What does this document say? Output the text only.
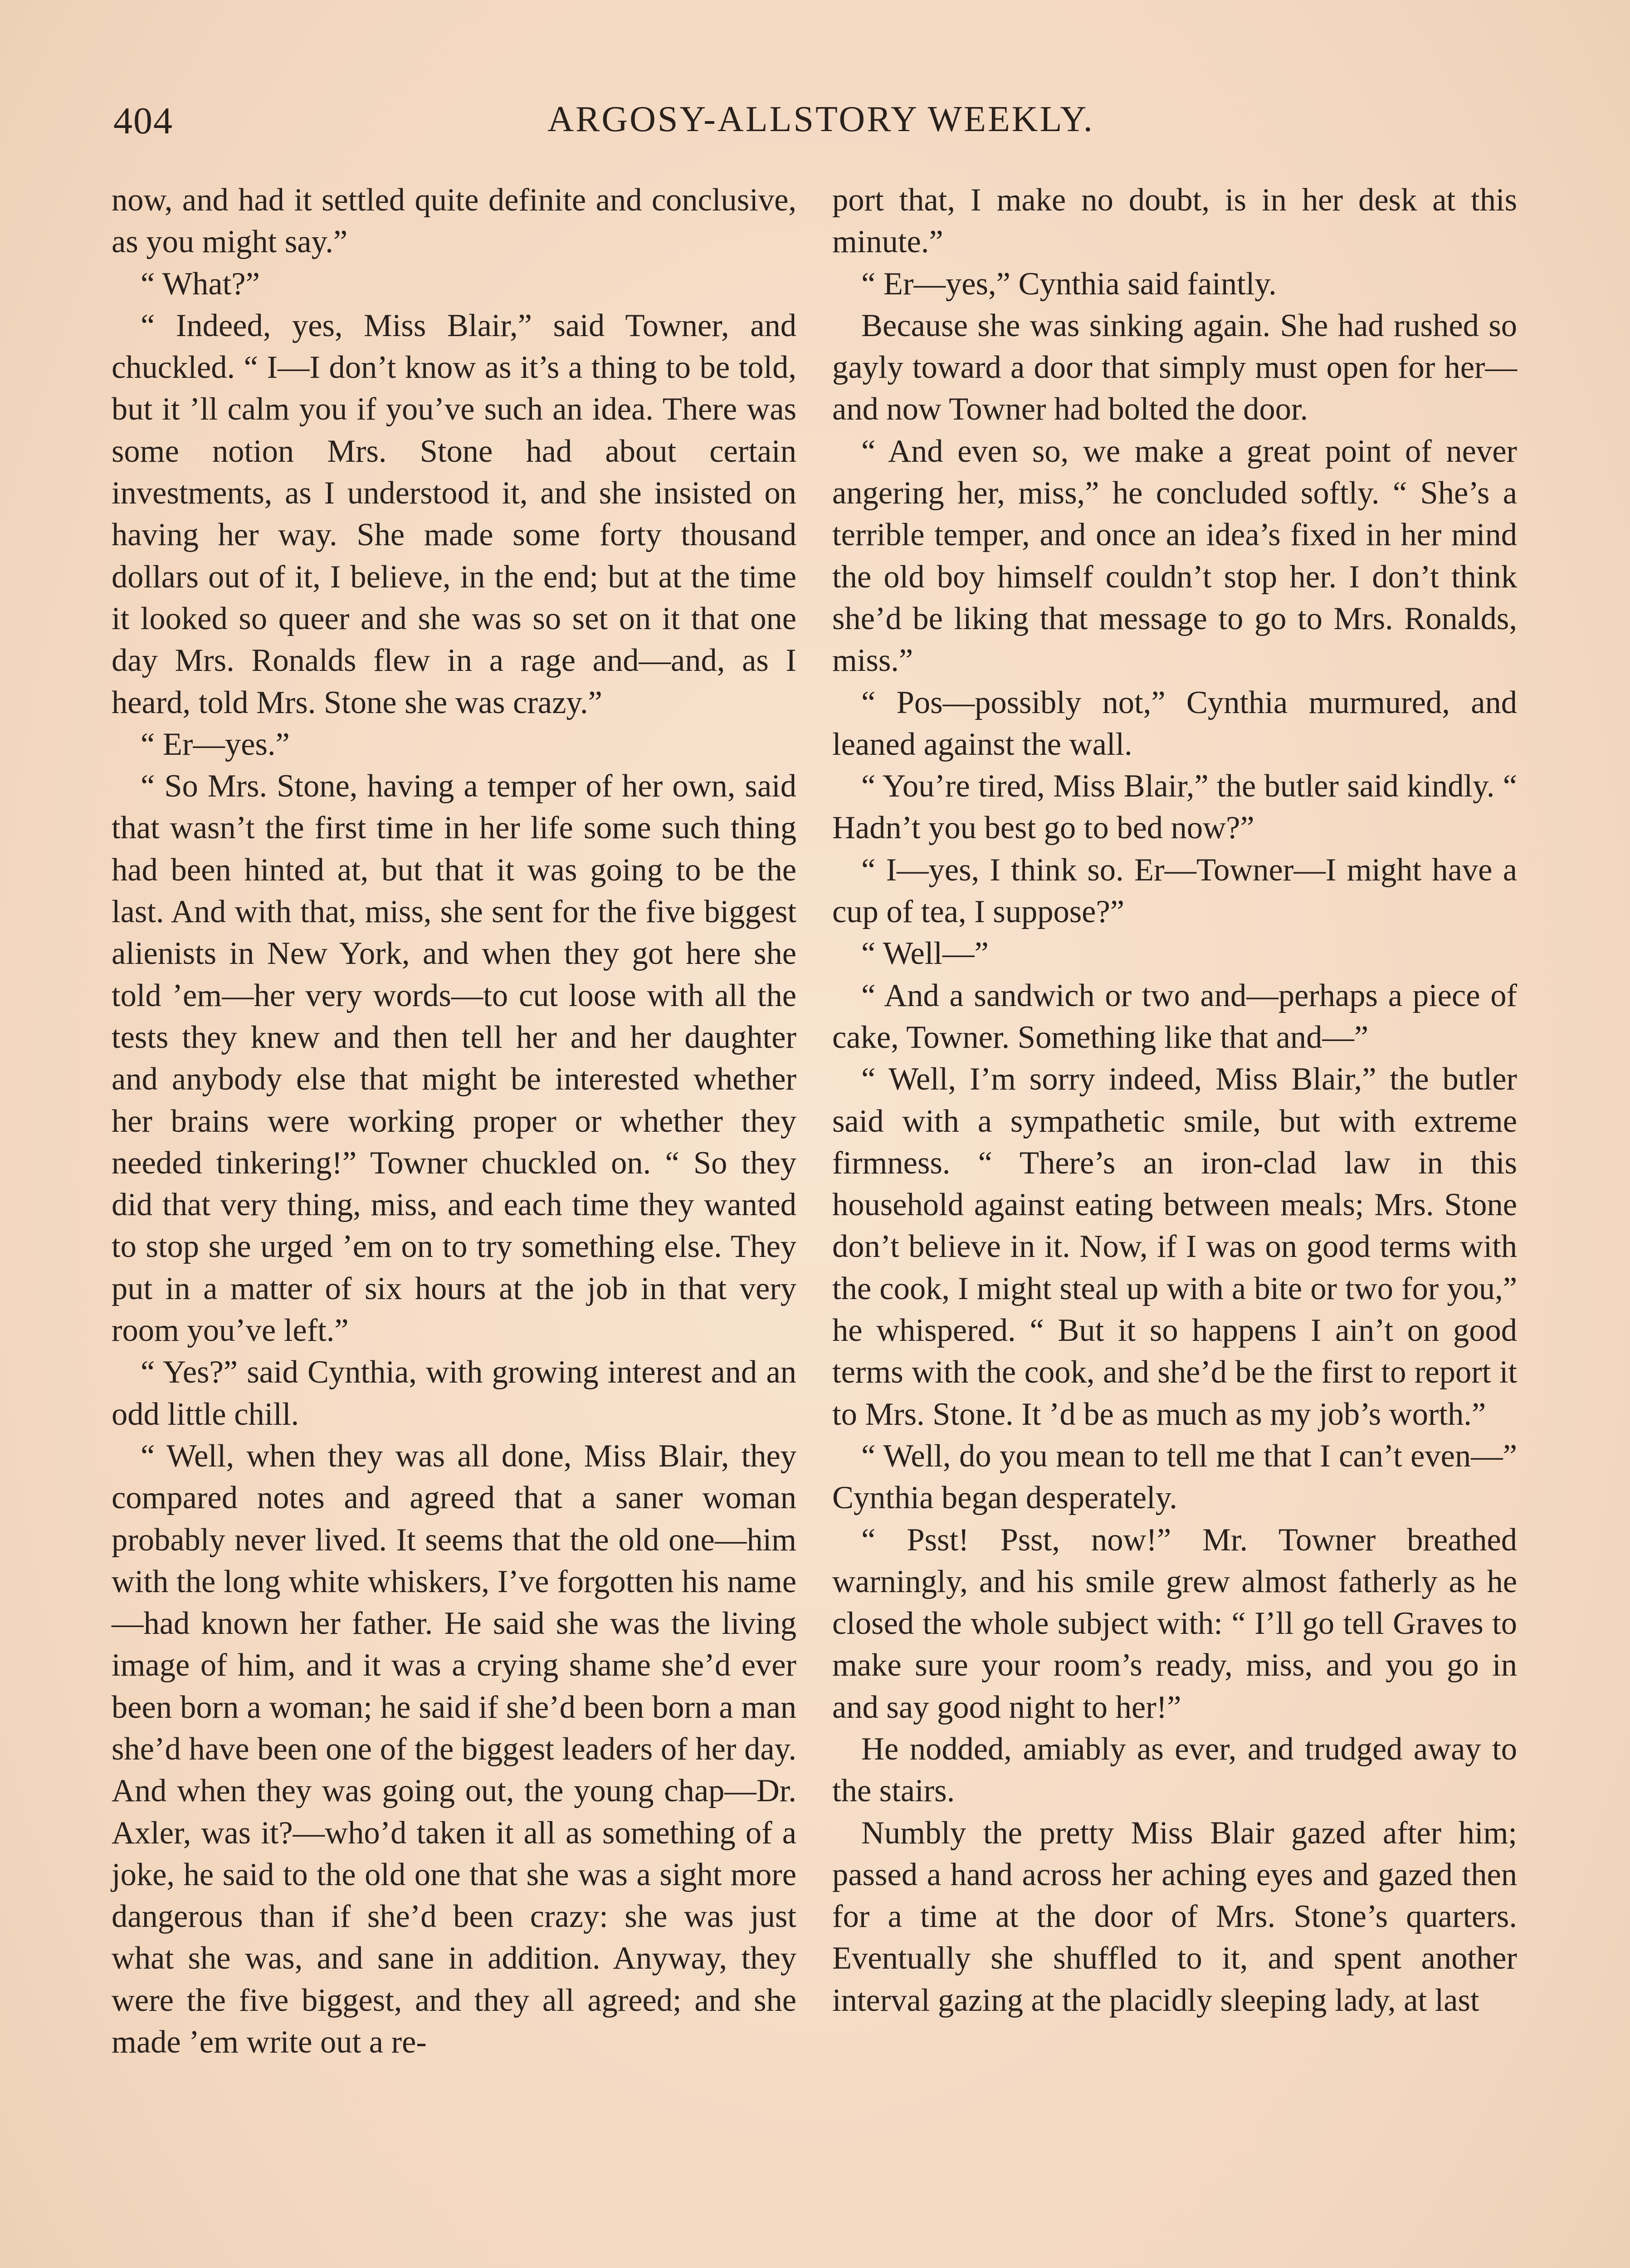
404	ARGOSY-ALLSTORY WEEKLY.

now, and had it settled quite definite and conclusive, as you might say.”

“ What?”

“ Indeed, yes, Miss Blair,” said Towner, and chuckled. “ I—I don’t know as it’s a thing to be told, but it ’ll calm you if you’ve such an idea. There was some notion Mrs. Stone had about certain investments, as I understood it, and she insisted on having her way. She made some forty thousand dollars out of it, I believe, in the end; but at the time it looked so queer and she was so set on it that one day Mrs. Ronalds flew in a rage and—and, as I heard, told Mrs. Stone she was crazy.”

“ Er—yes.”

“ So Mrs. Stone, having a temper of her own, said that wasn’t the first time in her life some such thing had been hinted at, but that it was going to be the last. And with that, miss, she sent for the five biggest alienists in New York, and when they got here she told ’em—her very words—to cut loose with all the tests they knew and then tell her and her daughter and anybody else that might be interested whether her brains were working proper or whether they needed tinkering!” Towner chuckled on. “ So they did that very thing, miss, and each time they wanted to stop she urged ’em on to try something else. They put in a matter of six hours at the job in that very room you’ve left.”

“ Yes?” said Cynthia, with growing interest and an odd little chill.

“ Well, when they was all done, Miss Blair, they compared notes and agreed that a saner woman probably never lived. It seems that the old one—him with the long white whiskers, I’ve forgotten his name—had known her father. He said she was the living image of him, and it was a crying shame she’d ever been born a woman; he said if she’d been born a man she’d have been one of the biggest leaders of her day. And when they was going out, the young chap—Dr. Axler, was it?—who’d taken it all as something of a joke, he said to the old one that she was a sight more dangerous than if she’d been crazy: she was just what she was, and sane in addition. Anyway, they were the five biggest, and they all agreed; and she made ’em write out a re-

port that, I make no doubt, is in her desk at this minute.”

“ Er—yes,” Cynthia said faintly.

Because she was sinking again. She had rushed so gayly toward a door that simply must open for her—and now Towner had bolted the door.

“ And even so, we make a great point of never angering her, miss,” he concluded softly. “ She’s a terrible temper, and once an idea’s fixed in her mind the old boy himself couldn’t stop her. I don’t think she’d be liking that message to go to Mrs. Ronalds, miss.”

“ Pos—possibly not,” Cynthia murmured, and leaned against the wall.

“ You’re tired, Miss Blair,” the butler said kindly. “ Hadn’t you best go to bed now?”

“ I—yes, I think so. Er—Towner—I might have a cup of tea, I suppose?”

“ Well—”

“ And a sandwich or two and—perhaps a piece of cake, Towner. Something like that and—”

“ Well, I’m sorry indeed, Miss Blair,” the butler said with a sympathetic smile, but with extreme firmness. “ There’s an iron-clad law in this household against eating between meals; Mrs. Stone don’t believe in it. Now, if I was on good terms with the cook, I might steal up with a bite or two for you,” he whispered. “ But it so happens I ain’t on good terms with the cook, and she’d be the first to report it to Mrs. Stone. It ’d be as much as my job’s worth.”

“ Well, do you mean to tell me that I can’t even—” Cynthia began desperately.

“ Psst! Psst, now!” Mr. Towner breathed warningly, and his smile grew almost fatherly as he closed the whole subject with: “ I’ll go tell Graves to make sure your room’s ready, miss, and you go in and say good night to her!”

He nodded, amiably as ever, and trudged away to the stairs.

Numbly the pretty Miss Blair gazed after him; passed a hand across her aching eyes and gazed then for a time at the door of Mrs. Stone’s quarters. Eventually she shuffled to it, and spent another interval gazing at the placidly sleeping lady, at last
